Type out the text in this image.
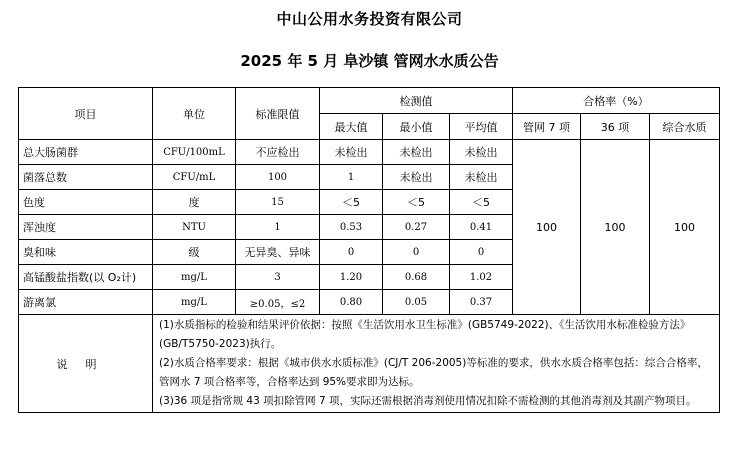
中山公用水务投资有限公司
2025 年 5 月 阜沙镇 管网水水质公告
项目	单位	标准限值	检测值			合格率（%）		
			最大值	最小值	平均值	管网 7 项	36 项	综合水质
总大肠菌群	CFU/100mL	不应检出	未检出	未检出	未检出	100	100	100
菌落总数	CFU/mL	100	1	未检出	未检出			
色度	度	15	＜5	＜5	＜5			
浑浊度	NTU	1	0.53	0.27	0.41			
臭和味	级	无异臭、异味	0	0	0			
高锰酸盐指数(以 O₂计)	mg/L	3	1.20	0.68	1.02			
游离氯	mg/L	≥0.05，≤2	0.80	0.05	0.37			
说明	(1)水质指标的检验和结果评价依据：按照《生活饮用水卫生标准》(GB5749-2022)、《生活饮用水标准检验方法》(GB/T5750-2023)执行。
(2)水质合格率要求：根据《城市供水水质标准》(CJ/T 206-2005)等标准的要求，供水水质合格率包括：综合合格率，管网水 7 项合格率等，合格率达到 95%要求即为达标。
(3)36 项是指常规 43 项扣除管网 7 项，实际还需根据消毒剂使用情况扣除不需检测的其他消毒剂及其副产物项目。							
